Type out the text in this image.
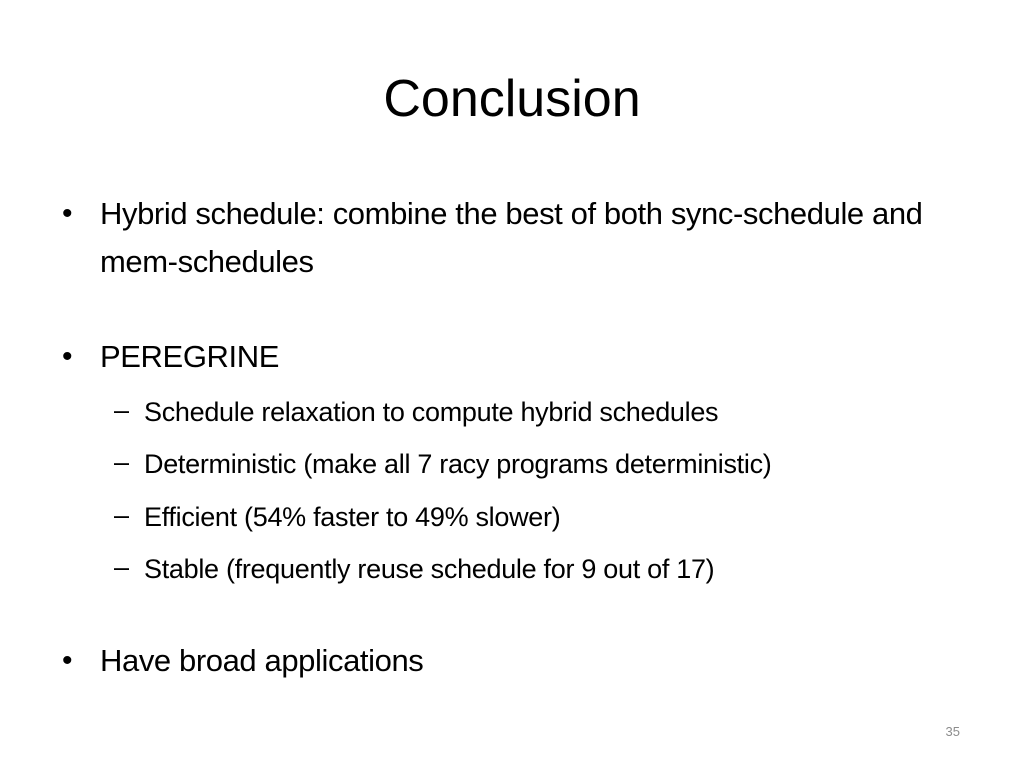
Conclusion
• Hybrid schedule: combine the best of both sync-schedule and mem-schedules
• PEREGRINE
– Schedule relaxation to compute hybrid schedules
– Deterministic (make all 7 racy programs deterministic)
– Efficient (54% faster to 49% slower)
– Stable (frequently reuse schedule for 9 out of 17)
• Have broad applications
35
